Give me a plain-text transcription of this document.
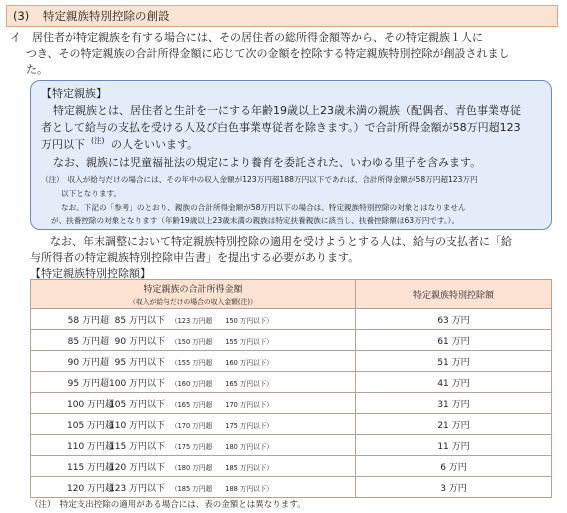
(3) 特定親族特別控除の創設
イ 居住者が特定親族を有する場合には、その居住者の総所得金額等から、その特定親族１人に
つき、その特定親族の合計所得金額に応じて次の金額を控除する特定親族特別控除が創設されまし
た。
【特定親族】
特定親族とは、居住者と生計を一にする年齢19歳以上23歳未満の親族（配偶者、青色事業専従
者として給与の支払を受ける人及び白色事業専従者を除きます。）で合計所得金額が58万円超123
万円以下 (注) の人をいいます。
なお、親族には児童福祉法の規定により養育を委託された、いわゆる里子を含みます。
（注）　収入が給与だけの場合には、その年中の収入金額が123万円超188万円以下であれば、合計所得金額が58万円超123万円
以下となります。
なお、下記の「参考」のとおり、親族の合計所得金額が58万円以下の場合は、特定親族特別控除の対象とはなりません
が、扶養控除の対象となります（年齢19歳以上23歳未満の親族は特定扶養親族に該当し、扶養控除額は63万円です。）。
なお、年末調整において特定親族特別控除の適用を受けようとする人は、給与の支払者に「給
与所得者の特定親族特別控除申告書」を提出する必要があります。
【特定親族特別控除額】
特定親族の合計所得金額
（収入が給与だけの場合の収入金額(注)）	特定親族特別控除額
58 万円超 85 万円以下 （123 万円超　　150 万円以下）	63 万円
85 万円超 90 万円以下 （150 万円超　　155 万円以下）	61 万円
90 万円超 95 万円以下 （155 万円超　　160 万円以下）	51 万円
95 万円超100 万円以下 （160 万円超　　165 万円以下）	41 万円
100 万円超105 万円以下 （165 万円超　　170 万円以下）	31 万円
105 万円超110 万円以下 （170 万円超　　175 万円以下）	21 万円
110 万円超115 万円以下 （175 万円超　　180 万円以下）	11 万円
115 万円超120 万円以下 （180 万円超　　185 万円以下）	6 万円
120 万円超123 万円以下 （185 万円超　　188 万円以下）	3 万円
（注）　特定支出控除の適用がある場合には、表の金額とは異なります。
